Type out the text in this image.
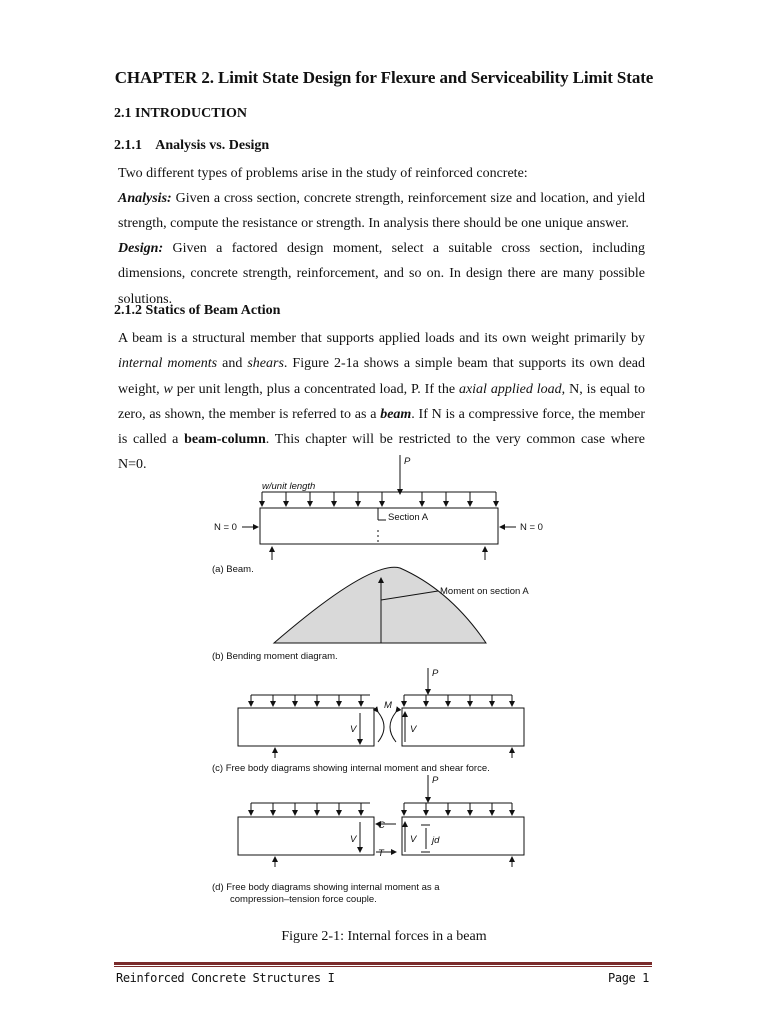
CHAPTER 2. Limit State Design for Flexure and Serviceability Limit State
2.1 INTRODUCTION
2.1.1    Analysis vs. Design
Two different types of problems arise in the study of reinforced concrete:
Analysis: Given a cross section, concrete strength, reinforcement size and location, and yield strength, compute the resistance or strength. In analysis there should be one unique answer.
Design: Given a factored design moment, select a suitable cross section, including dimensions, concrete strength, reinforcement, and so on. In design there are many possible solutions.
2.1.2 Statics of Beam Action
A beam is a structural member that supports applied loads and its own weight primarily by internal moments and shears. Figure 2-1a shows a simple beam that supports its own dead weight, w per unit length, plus a concentrated load, P. If the axial applied load, N, is equal to zero, as shown, the member is referred to as a beam. If N is a compressive force, the member is called a beam-column. This chapter will be restricted to the very common case where N=0.	P
w/unit length
Section A
N = 0	N = 0
(a) Beam.
Moment on section A
(b) Bending moment diagram.
V
M
P
V
(c) Free body diagrams showing internal moment and shear force.
V
C
T
P
V jd
(d) Free body diagrams showing internal moment as a
compression–tension force couple.
Figure 2-1: Internal forces in a beam
Reinforced Concrete Structures I	Page 1
